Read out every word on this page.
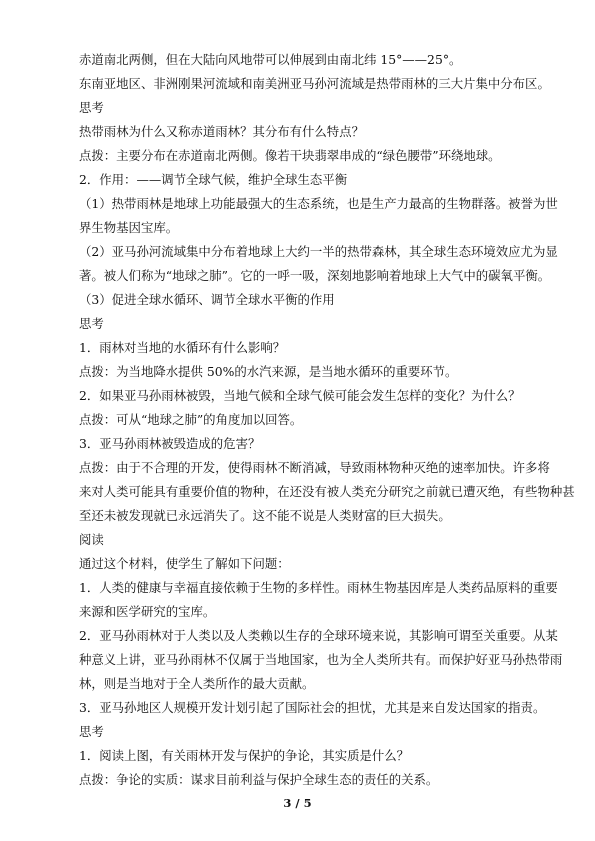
赤道南北两侧，但在大陆向风地带可以伸展到由南北纬 15°——25°。
东南亚地区、非洲刚果河流域和南美洲亚马孙河流域是热带雨林的三大片集中分布区。
思考
热带雨林为什么又称赤道雨林？其分布有什么特点？
点拨：主要分布在赤道南北两侧。像若干块翡翠串成的“绿色腰带”环绕地球。
2．作用：——调节全球气候，维护全球生态平衡
（1）热带雨林是地球上功能最强大的生态系统，也是生产力最高的生物群落。被誉为世
界生物基因宝库。
（2）亚马孙河流域集中分布着地球上大约一半的热带森林，其全球生态环境效应尤为显
著。被人们称为“地球之肺”。它的一呼一吸，深刻地影响着地球上大气中的碳氧平衡。
（3）促进全球水循环、调节全球水平衡的作用
思考
1．雨林对当地的水循环有什么影响？
点拨：为当地降水提供 50%的水汽来源，是当地水循环的重要环节。
2．如果亚马孙雨林被毁，当地气候和全球气候可能会发生怎样的变化？为什么？
点拨：可从“地球之肺”的角度加以回答。
3．亚马孙雨林被毁造成的危害？
点拨：由于不合理的开发，使得雨林不断消减，导致雨林物种灭绝的速率加快。许多将
来对人类可能具有重要价值的物种，在还没有被人类充分研究之前就已遭灭绝，有些物种甚
至还未被发现就已永远消失了。这不能不说是人类财富的巨大损失。
阅读
通过这个材料，使学生了解如下问题：
1．人类的健康与幸福直接依赖于生物的多样性。雨林生物基因库是人类药品原料的重要
来源和医学研究的宝库。
2．亚马孙雨林对于人类以及人类赖以生存的全球环境来说，其影响可谓至关重要。从某
种意义上讲，亚马孙雨林不仅属于当地国家，也为全人类所共有。而保护好亚马孙热带雨
林，则是当地对于全人类所作的最大贡献。
3．亚马孙地区人规模开发计划引起了国际社会的担忧，尤其是来自发达国家的指责。
思考
1．阅读上图，有关雨林开发与保护的争论，其实质是什么？
点拨：争论的实质：谋求目前利益与保护全球生态的责任的关系。
3 / 5
